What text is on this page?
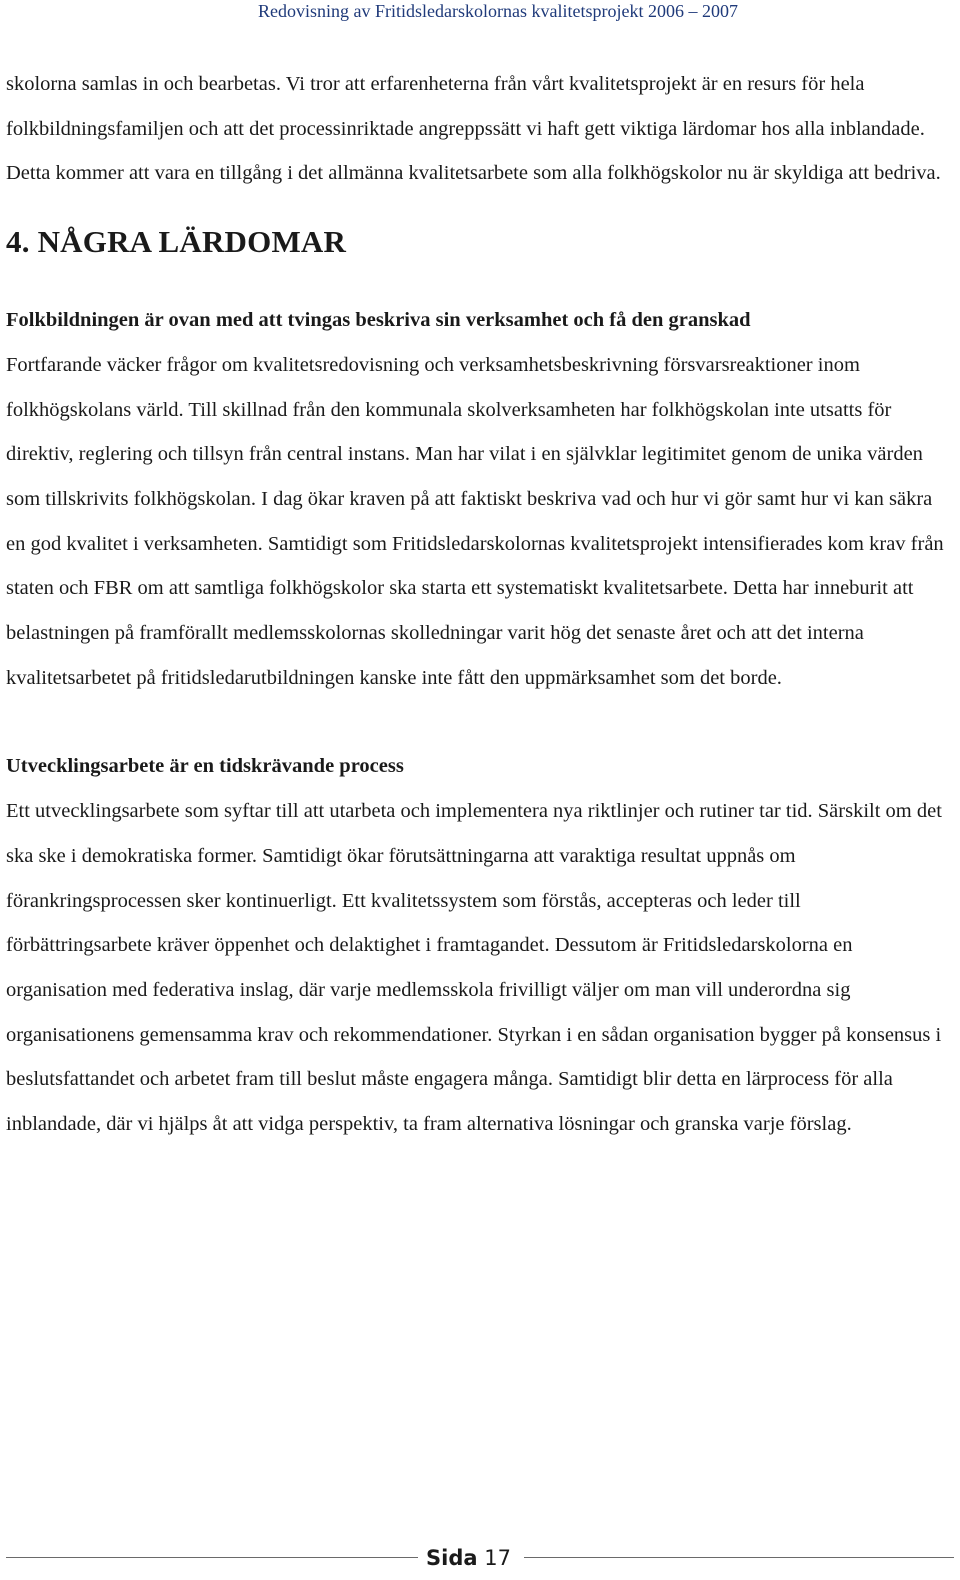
Redovisning av Fritidsledarskolornas kvalitetsprojekt 2006 – 2007

skolorna samlas in och bearbetas. Vi tror att erfarenheterna från vårt kvalitetsprojekt är en resurs för hela folkbildningsfamiljen och att det processinriktade angreppssätt vi haft gett viktiga lärdomar hos alla inblandade. Detta kommer att vara en tillgång i det allmänna kvalitetsarbete som alla folkhögskolor nu är skyldiga att bedriva.

4. NÅGRA LÄRDOMAR
Folkbildningen är ovan med att tvingas beskriva sin verksamhet och få den granskad

Fortfarande väcker frågor om kvalitetsredovisning och verksamhetsbeskrivning försvarsreaktioner inom folkhögskolans värld. Till skillnad från den kommunala skolverksamheten har folkhögskolan inte utsatts för direktiv, reglering och tillsyn från central instans. Man har vilat i en självklar legitimitet genom de unika värden som tillskrivits folkhögskolan. I dag ökar kraven på att faktiskt beskriva vad och hur vi gör samt hur vi kan säkra en god kvalitet i verksamheten. Samtidigt som Fritidsledarskolornas kvalitetsprojekt intensifierades kom krav från staten och FBR om att samtliga folkhögskolor ska starta ett systematiskt kvalitetsarbete. Detta har inneburit att belastningen på framförallt medlemsskolornas skolledningar varit hög det senaste året och att det interna kvalitetsarbetet på fritidsledarutbildningen kanske inte fått den uppmärksamhet som det borde.

Utvecklingsarbete är en tidskrävande process

Ett utvecklingsarbete som syftar till att utarbeta och implementera nya riktlinjer och rutiner tar tid. Särskilt om det ska ske i demokratiska former. Samtidigt ökar förutsättningarna att varaktiga resultat uppnås om förankringsprocessen sker kontinuerligt. Ett kvalitetssystem som förstås, accepteras och leder till förbättringsarbete kräver öppenhet och delaktighet i framtagandet. Dessutom är Fritidsledarskolorna en organisation med federativa inslag, där varje medlemsskola frivilligt väljer om man vill underordna sig organisationens gemensamma krav och rekommendationer. Styrkan i en sådan organisation bygger på konsensus i beslutsfattandet och arbetet fram till beslut måste engagera många. Samtidigt blir detta en lärprocess för alla inblandade, där vi hjälps åt att vidga perspektiv, ta fram alternativa lösningar och granska varje förslag.

Sida 17
